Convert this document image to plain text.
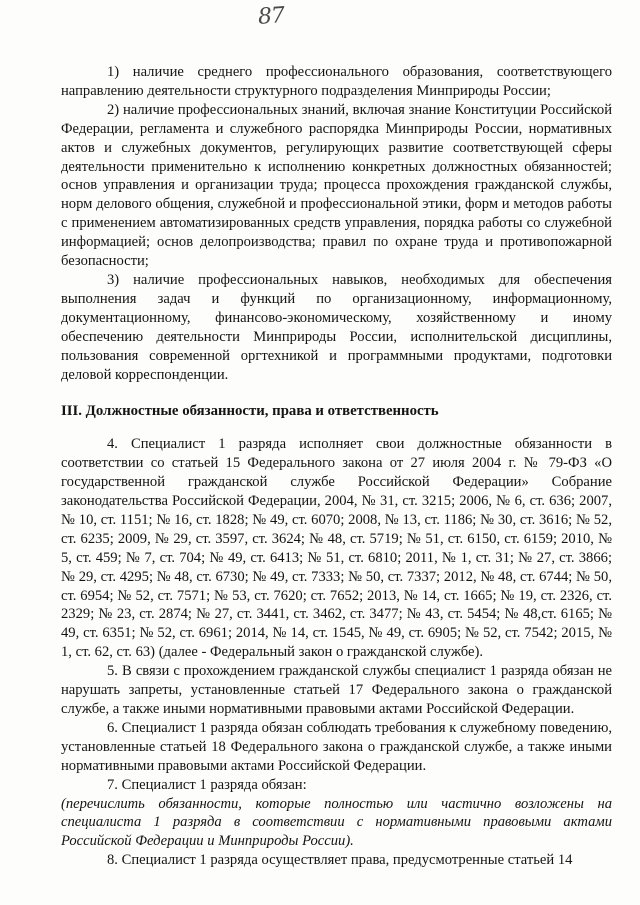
87

1) наличие среднего профессионального образования, соответствующего направлению деятельности структурного подразделения Минприроды России;

2) наличие профессиональных знаний, включая знание Конституции Российской Федерации, регламента и служебного распорядка Минприроды России, нормативных актов и служебных документов, регулирующих развитие соответствующей сферы деятельности применительно к исполнению конкретных должностных обязанностей; основ управления и организации труда; процесса прохождения гражданской службы, норм делового общения, служебной и профессиональной этики, форм и методов работы с применением автоматизированных средств управления, порядка работы со служебной информацией; основ делопроизводства; правил по охране труда и противопожарной безопасности;

3) наличие профессиональных навыков, необходимых для обеспечения выполнения задач и функций по организационному, информационному, документационному, финансово-экономическому, хозяйственному и иному обеспечению деятельности Минприроды России, исполнительской дисциплины, пользования современной оргтехникой и программными продуктами, подготовки деловой корреспонденции.

III. Должностные обязанности, права и ответственность

4. Специалист 1 разряда исполняет свои должностные обязанности в соответствии со статьей 15 Федерального закона от 27 июля 2004 г. № 79-ФЗ «О государственной гражданской службе Российской Федерации» Собрание законодательства Российской Федерации, 2004, № 31, ст. 3215; 2006, № 6, ст. 636; 2007, № 10, ст. 1151; № 16, ст. 1828; № 49, ст. 6070; 2008, № 13, ст. 1186; № 30, ст. 3616; № 52, ст. 6235; 2009, № 29, ст. 3597, ст. 3624; № 48, ст. 5719; № 51, ст. 6150, ст. 6159; 2010, № 5, ст. 459; № 7, ст. 704; № 49, ст. 6413; № 51, ст. 6810; 2011, № 1, ст. 31; № 27, ст. 3866; № 29, ст. 4295; № 48, ст. 6730; № 49, ст. 7333; № 50, ст. 7337; 2012, № 48, ст. 6744; № 50, ст. 6954; № 52, ст. 7571; № 53, ст. 7620; ст. 7652; 2013, № 14, ст. 1665; № 19, ст. 2326, ст. 2329; № 23, ст. 2874; № 27, ст. 3441, ст. 3462, ст. 3477; № 43, ст. 5454; № 48,ст. 6165; № 49, ст. 6351; № 52, ст. 6961; 2014, № 14, ст. 1545, № 49, ст. 6905; № 52, ст. 7542; 2015, № 1, ст. 62, ст. 63) (далее - Федеральный закон о гражданской службе).

5. В связи с прохождением гражданской службы специалист 1 разряда обязан не нарушать запреты, установленные статьей 17 Федерального закона о гражданской службе, а также иными нормативными правовыми актами Российской Федерации.

6. Специалист 1 разряда обязан соблюдать требования к служебному поведению, установленные статьей 18 Федерального закона о гражданской службе, а также иными нормативными правовыми актами Российской Федерации.

7. Специалист 1 разряда обязан:

(перечислить обязанности, которые полностью или частично возложены на специалиста 1 разряда в соответствии с нормативными правовыми актами Российской Федерации и Минприроды России).

8. Специалист 1 разряда осуществляет права, предусмотренные статьей 14
